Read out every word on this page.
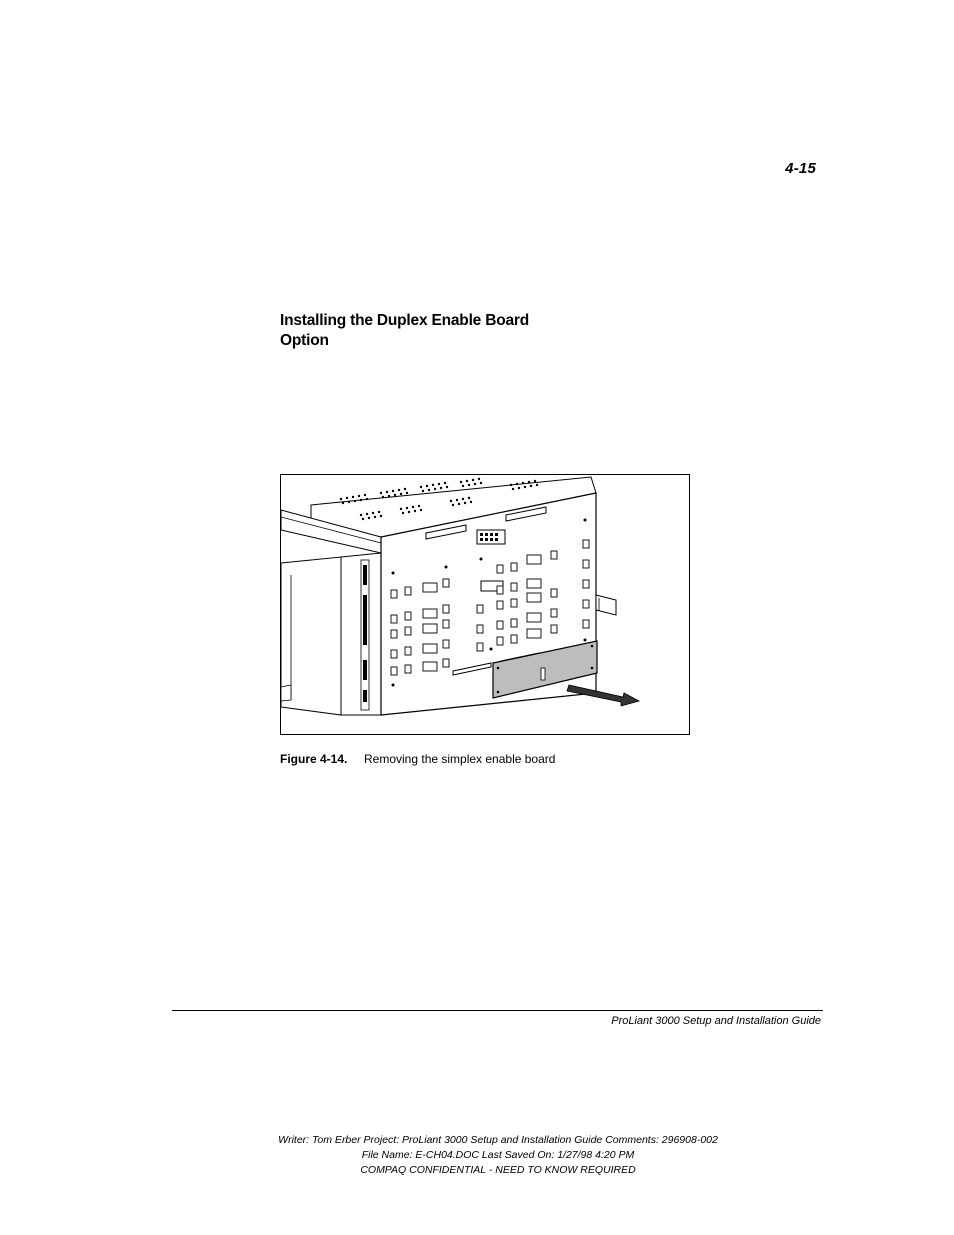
4-15
Installing the Duplex Enable Board
Option
Figure 4-14. Removing the simplex enable board
ProLiant 3000 Setup and Installation Guide
Writer: Tom Erber Project: ProLiant 3000 Setup and Installation Guide Comments: 296908-002
File Name: E-CH04.DOC Last Saved On: 1/27/98 4:20 PM
COMPAQ CONFIDENTIAL - NEED TO KNOW REQUIRED
